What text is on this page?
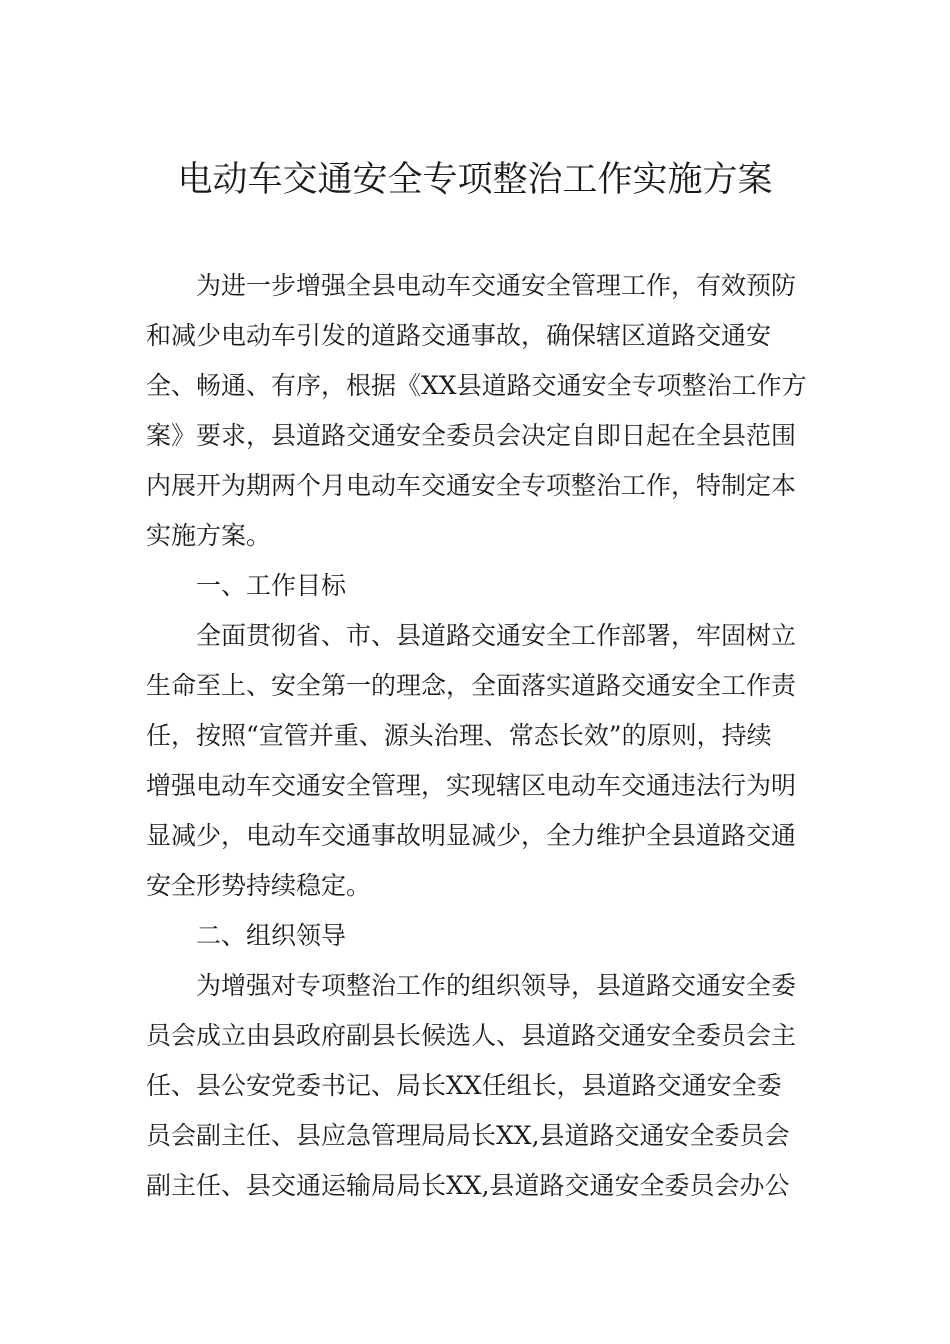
电动车交通安全专项整治工作实施方案
为进一步增强全县电动车交通安全管理工作，有效预防
和减少电动车引发的道路交通事故，确保辖区道路交通安
全、畅通、有序，根据《XX县道路交通安全专项整治工作方
案》要求，县道路交通安全委员会决定自即日起在全县范围
内展开为期两个月电动车交通安全专项整治工作，特制定本
实施方案。
一、工作目标
全面贯彻省、市、县道路交通安全工作部署，牢固树立
生命至上、安全第一的理念，全面落实道路交通安全工作责
任，按照“宣管并重、源头治理、常态长效”的原则，持续
增强电动车交通安全管理，实现辖区电动车交通违法行为明
显减少，电动车交通事故明显减少，全力维护全县道路交通
安全形势持续稳定。
二、组织领导
为增强对专项整治工作的组织领导，县道路交通安全委
员会成立由县政府副县长候选人、县道路交通安全委员会主
任、县公安党委书记、局长XX任组长，县道路交通安全委
员会副主任、县应急管理局局长XX,县道路交通安全委员会
副主任、县交通运输局局长XX,县道路交通安全委员会办公
